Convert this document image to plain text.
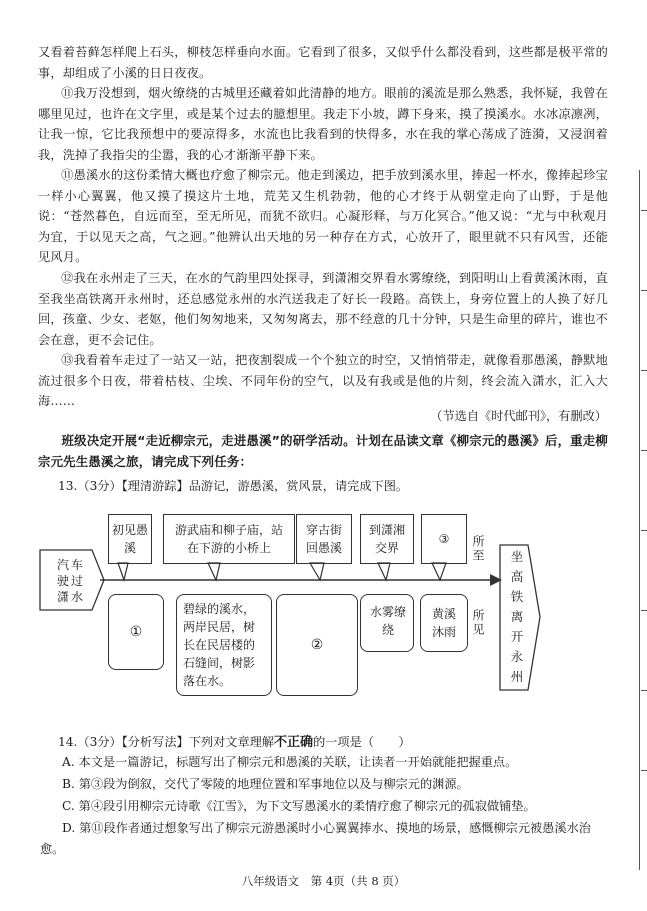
又看着苔藓怎样爬上石头，柳枝怎样垂向水面。它看到了很多，又似乎什么都没看到，这些都是极平常的事，却组成了小溪的日日夜夜。
⑪我万没想到，烟火缭绕的古城里还藏着如此清静的地方。眼前的溪流是那么熟悉，我怀疑，我曾在哪里见过，也许在文字里，或是某个过去的臆想里。我走下小坡，蹲下身来，摸了摸溪水。水冰凉凛冽，让我一惊，它比我预想中的要凉得多，水流也比我看到的快得多，水在我的掌心荡成了涟漪，又浸润着我，洗掉了我指尖的尘嚣，我的心才渐渐平静下来。
⑪愚溪水的这份柔情大概也疗愈了柳宗元。他走到溪边，把手放到溪水里，捧起一杯水，像捧起珍宝一样小心翼翼，他又摸了摸这片土地，荒芜又生机勃勃，他的心才终于从朝堂走向了山野，于是他说：“苍然暮色，自远而至，至无所见，而犹不欲归。心凝形释，与万化冥合。”他又说：“尤与中秋观月为宜，于以见天之高，气之迥。”他辨认出天地的另一种存在方式，心放开了，眼里就不只有风雪，还能见风月。
⑫我在永州走了三天，在水的气韵里四处探寻，到潇湘交界看水雾缭绕，到阳明山上看黄溪沐雨，直至我坐高铁离开永州时，还总感觉永州的水汽送我走了好长一段路。高铁上，身旁位置上的人换了好几回，孩童、少女、老妪，他们匆匆地来，又匆匆离去，那不经意的几十分钟，只是生命里的碎片，谁也不会在意，更不会记住。
⑬我看着车走过了一站又一站，把夜割裂成一个个独立的时空，又悄悄带走，就像看那愚溪，静默地流过很多个日夜，带着枯枝、尘埃、不同年份的空气，以及有我或是他的片刻，终会流入潇水，汇入大海……
（节选自《时代邮刊》，有删改）
班级决定开展“走近柳宗元，走进愚溪”的研学活动。计划在品读文章《柳宗元的愚溪》后，重走柳宗元先生愚溪之旅，请完成下列任务：
13.（3分）【理清游踪】品游记，游愚溪，赏风景，请完成下图。
汽车驶过潇水
初见愚溪
游武庙和柳子庙，站在下游的小桥上
穿古街回愚溪
到潇湘交界
③	所至
所见
①
碧绿的溪水，两岸民居，树长在民居楼的石缝间，树影落在水。
②
水雾缭绕
黄溪沐雨
坐高铁离开永州
14.（3分）【分析写法】下列对文章理解不正确的一项是（　　）
A. 本文是一篇游记，标题写出了柳宗元和愚溪的关联，让读者一开始就能把握重点。
B. 第③段为倒叙，交代了零陵的地理位置和军事地位以及与柳宗元的渊源。
C. 第④段引用柳宗元诗歌《江雪》，为下文写愚溪水的柔情疗愈了柳宗元的孤寂做铺垫。
D. 第⑪段作者通过想象写出了柳宗元游愚溪时小心翼翼捧水、摸地的场景，感慨柳宗元被愚溪水治愈。
八年级语文　第 4页（共 8 页）
